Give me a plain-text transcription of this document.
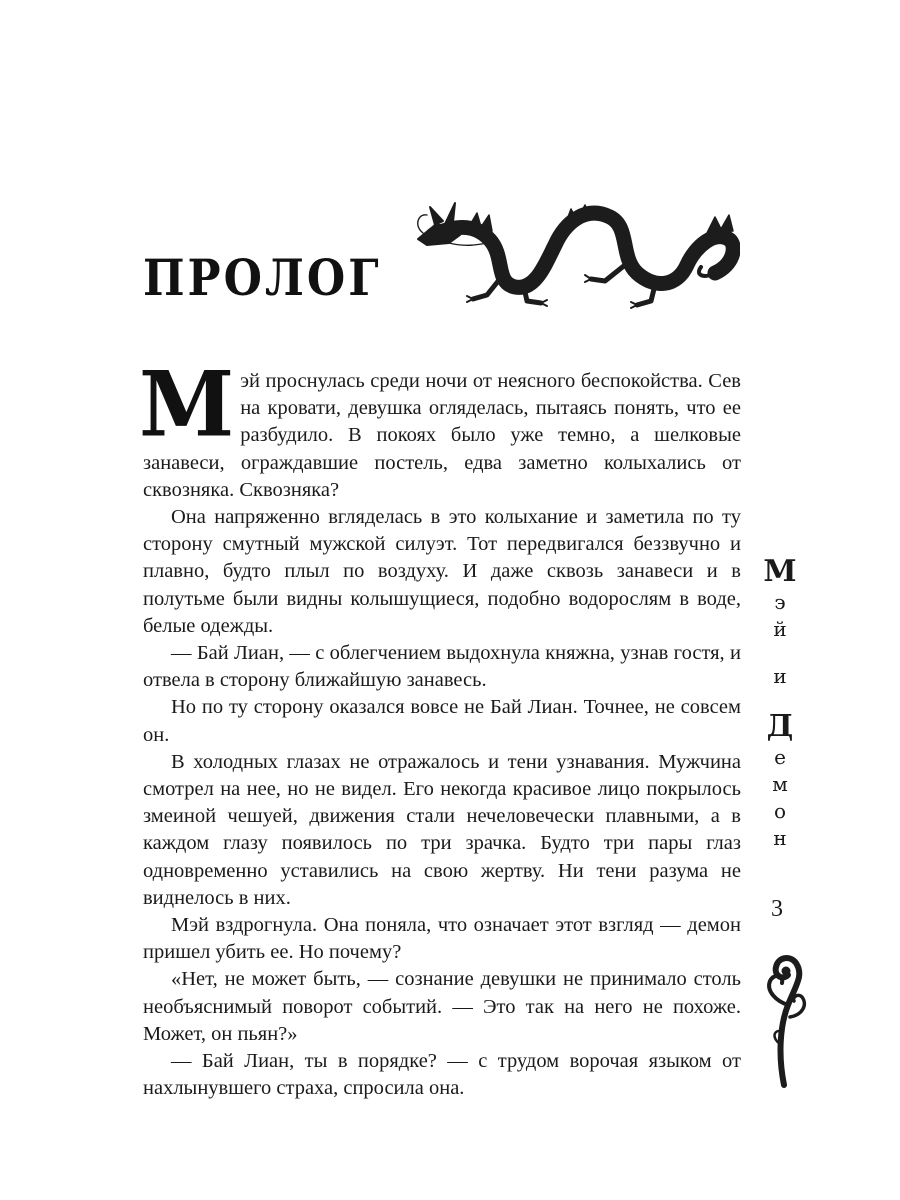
ПРОЛОГ

Мэй проснулась среди ночи от неясного беспокойства. Сев на кровати, девушка огляделась, пытаясь понять, что ее разбудило. В покоях было уже темно, а шелковые занавеси, ограждавшие постель, едва заметно колыхались от сквозняка. Сквозняка?

Она напряженно вгляделась в это колыхание и заметила по ту сторону смутный мужской силуэт. Тот передвигался беззвучно и плавно, будто плыл по воздуху. И даже сквозь занавеси и в полутьме были видны колышущиеся, подобно водорослям в воде, белые одежды.

— Бай Лиан, — с облегчением выдохнула княжна, узнав гостя, и отвела в сторону ближайшую занавесь.

Но по ту сторону оказался вовсе не Бай Лиан. Точнее, не совсем он.

В холодных глазах не отражалось и тени узнавания. Мужчина смотрел на нее, но не видел. Его некогда красивое лицо покрылось змеиной чешуей, движения стали нечеловечески плавными, а в каждом глазу появилось по три зрачка. Будто три пары глаз одновременно уставились на свою жертву. Ни тени разума не виднелось в них.

Мэй вздрогнула. Она поняла, что означает этот взгляд — демон пришел убить ее. Но почему?

«Нет, не может быть, — сознание девушки не принимало столь необъяснимый поворот событий. — Это так на него не похоже. Может, он пьян?»

— Бай Лиан, ты в порядке? — с трудом ворочая языком от нахлынувшего страха, спросила она.

М
э
й
и
Д
е
м
о
н
3
